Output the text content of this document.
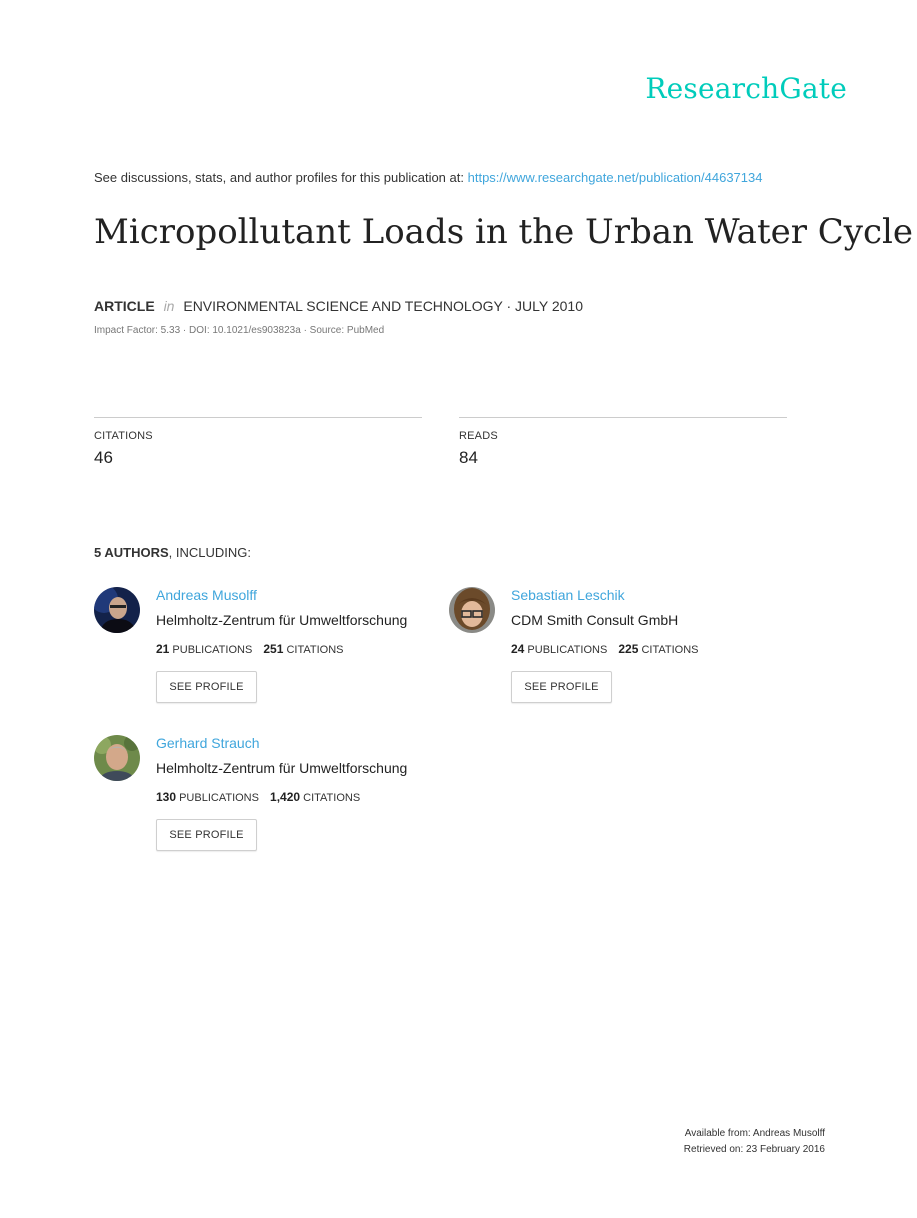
ResearchGate
See discussions, stats, and author profiles for this publication at: https://www.researchgate.net/publication/44637134
Micropollutant Loads in the Urban Water Cycle
ARTICLE in ENVIRONMENTAL SCIENCE AND TECHNOLOGY · JULY 2010
Impact Factor: 5.33 · DOI: 10.1021/es903823a · Source: PubMed
CITATIONS
46
READS
84
5 AUTHORS, INCLUDING:
Andreas Musolff
Helmholtz-Zentrum für Umweltforschung
21 PUBLICATIONS 251 CITATIONS
SEE PROFILE
Sebastian Leschik
CDM Smith Consult GmbH
24 PUBLICATIONS 225 CITATIONS
SEE PROFILE
Gerhard Strauch
Helmholtz-Zentrum für Umweltforschung
130 PUBLICATIONS 1,420 CITATIONS
SEE PROFILE
Available from: Andreas Musolff
Retrieved on: 23 February 2016
